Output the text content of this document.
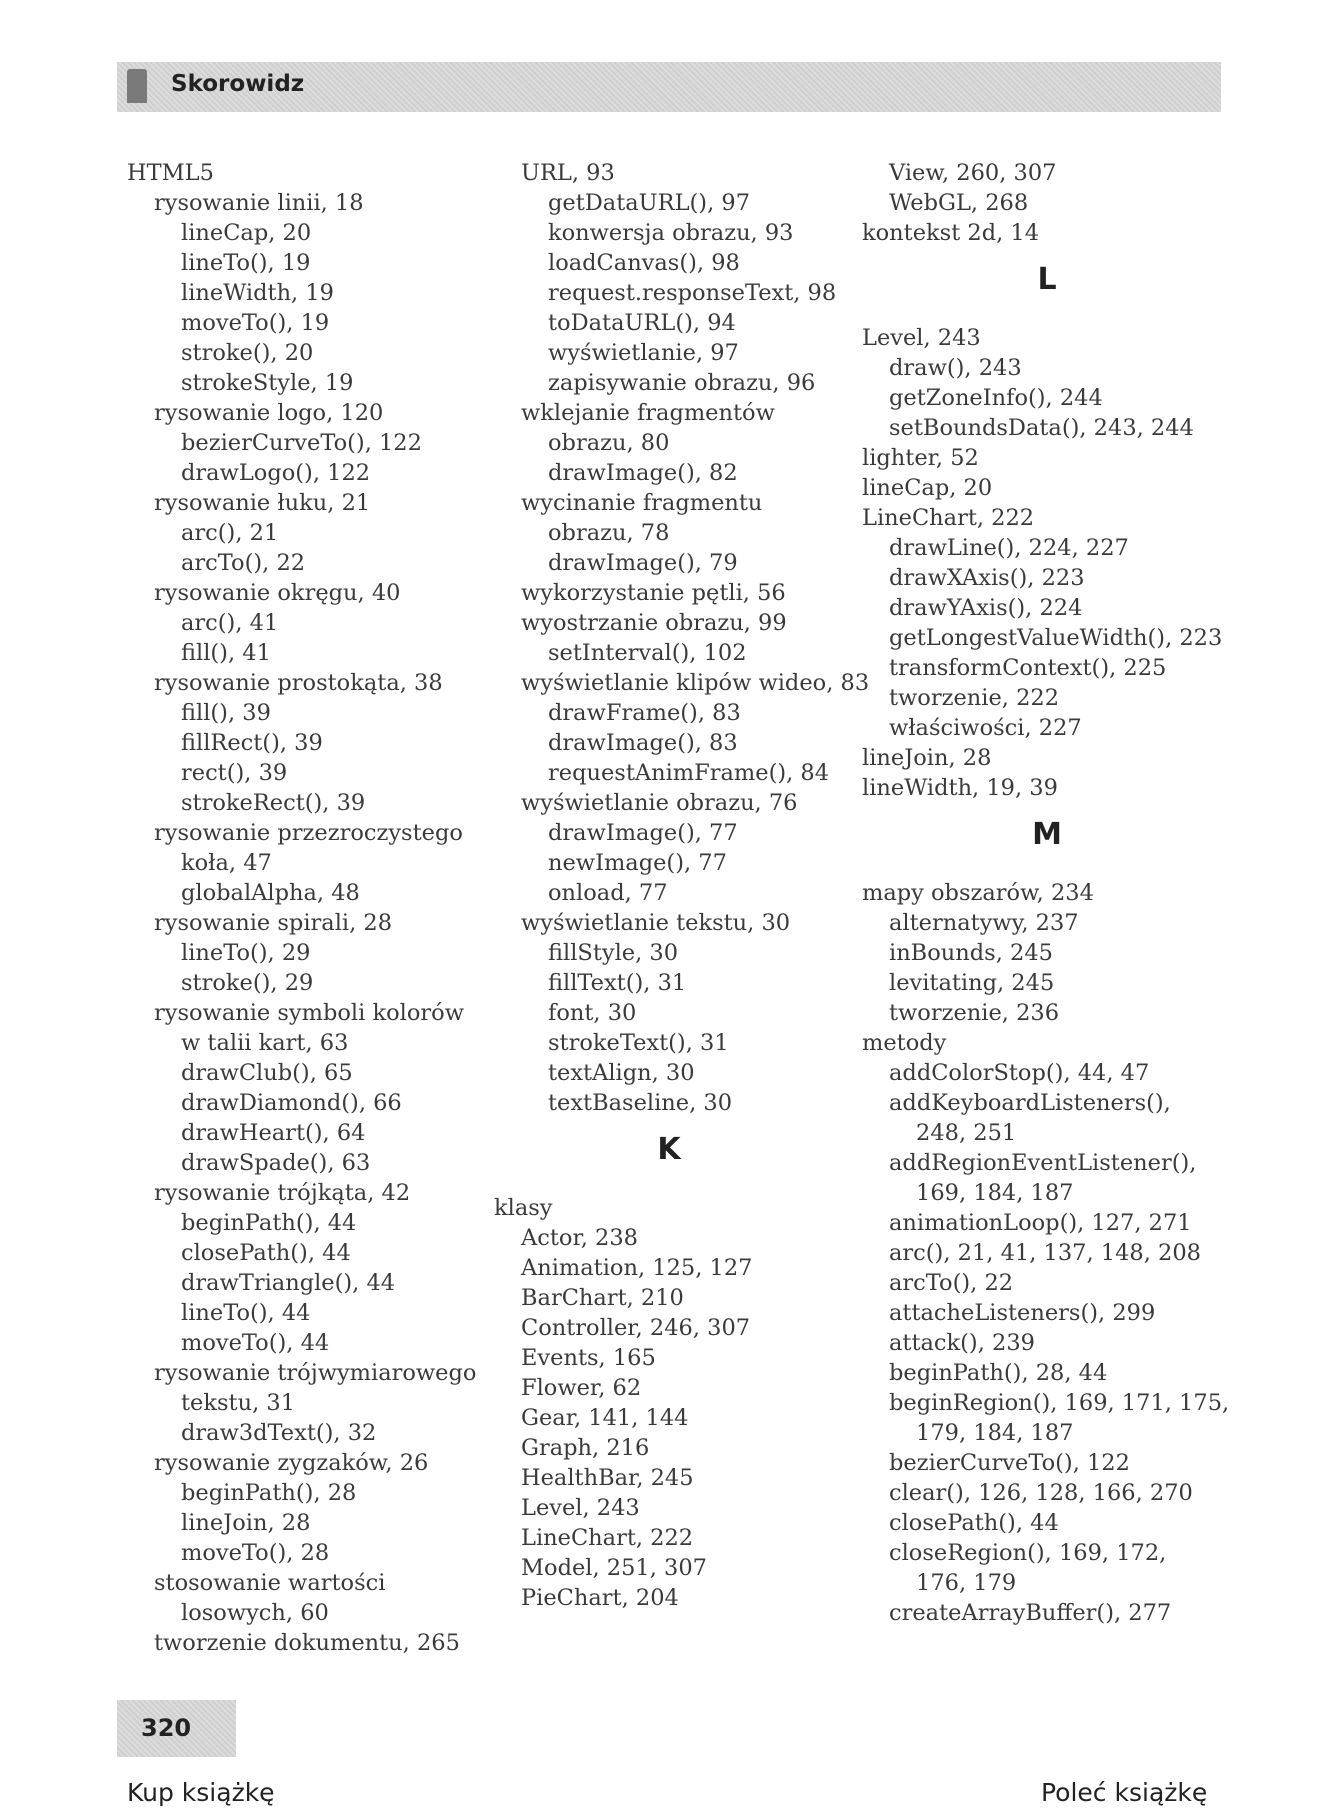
Skorowidz
HTML5
rysowanie linii, 18
lineCap, 20
lineTo(), 19
lineWidth, 19
moveTo(), 19
stroke(), 20
strokeStyle, 19
rysowanie logo, 120
bezierCurveTo(), 122
drawLogo(), 122
rysowanie łuku, 21
arc(), 21
arcTo(), 22
rysowanie okręgu, 40
arc(), 41
fill(), 41
rysowanie prostokąta, 38
fill(), 39
fillRect(), 39
rect(), 39
strokeRect(), 39
rysowanie przezroczystego
koła, 47
globalAlpha, 48
rysowanie spirali, 28
lineTo(), 29
stroke(), 29
rysowanie symboli kolorów
w talii kart, 63
drawClub(), 65
drawDiamond(), 66
drawHeart(), 64
drawSpade(), 63
rysowanie trójkąta, 42
beginPath(), 44
closePath(), 44
drawTriangle(), 44
lineTo(), 44
moveTo(), 44
rysowanie trójwymiarowego
tekstu, 31
draw3dText(), 32
rysowanie zygzaków, 26
beginPath(), 28
lineJoin, 28
moveTo(), 28
stosowanie wartości
losowych, 60
tworzenie dokumentu, 265
URL, 93
getDataURL(), 97
konwersja obrazu, 93
loadCanvas(), 98
request.responseText, 98
toDataURL(), 94
wyświetlanie, 97
zapisywanie obrazu, 96
wklejanie fragmentów
obrazu, 80
drawImage(), 82
wycinanie fragmentu
obrazu, 78
drawImage(), 79
wykorzystanie pętli, 56
wyostrzanie obrazu, 99
setInterval(), 102
wyświetlanie klipów wideo, 83
drawFrame(), 83
drawImage(), 83
requestAnimFrame(), 84
wyświetlanie obrazu, 76
drawImage(), 77
newImage(), 77
onload, 77
wyświetlanie tekstu, 30
fillStyle, 30
fillText(), 31
font, 30
strokeText(), 31
textAlign, 30
textBaseline, 30
K
klasy
Actor, 238
Animation, 125, 127
BarChart, 210
Controller, 246, 307
Events, 165
Flower, 62
Gear, 141, 144
Graph, 216
HealthBar, 245
Level, 243
LineChart, 222
Model, 251, 307
PieChart, 204
View, 260, 307
WebGL, 268
kontekst 2d, 14
L
Level, 243
draw(), 243
getZoneInfo(), 244
setBoundsData(), 243, 244
lighter, 52
lineCap, 20
LineChart, 222
drawLine(), 224, 227
drawXAxis(), 223
drawYAxis(), 224
getLongestValueWidth(), 223
transformContext(), 225
tworzenie, 222
właściwości, 227
lineJoin, 28
lineWidth, 19, 39
M
mapy obszarów, 234
alternatywy, 237
inBounds, 245
levitating, 245
tworzenie, 236
metody
addColorStop(), 44, 47
addKeyboardListeners(),
248, 251
addRegionEventListener(),
169, 184, 187
animationLoop(), 127, 271
arc(), 21, 41, 137, 148, 208
arcTo(), 22
attacheListeners(), 299
attack(), 239
beginPath(), 28, 44
beginRegion(), 169, 171, 175,
179, 184, 187
bezierCurveTo(), 122
clear(), 126, 128, 166, 270
closePath(), 44
closeRegion(), 169, 172,
176, 179
createArrayBuffer(), 277
320
Kup książkę	Poleć książkę
